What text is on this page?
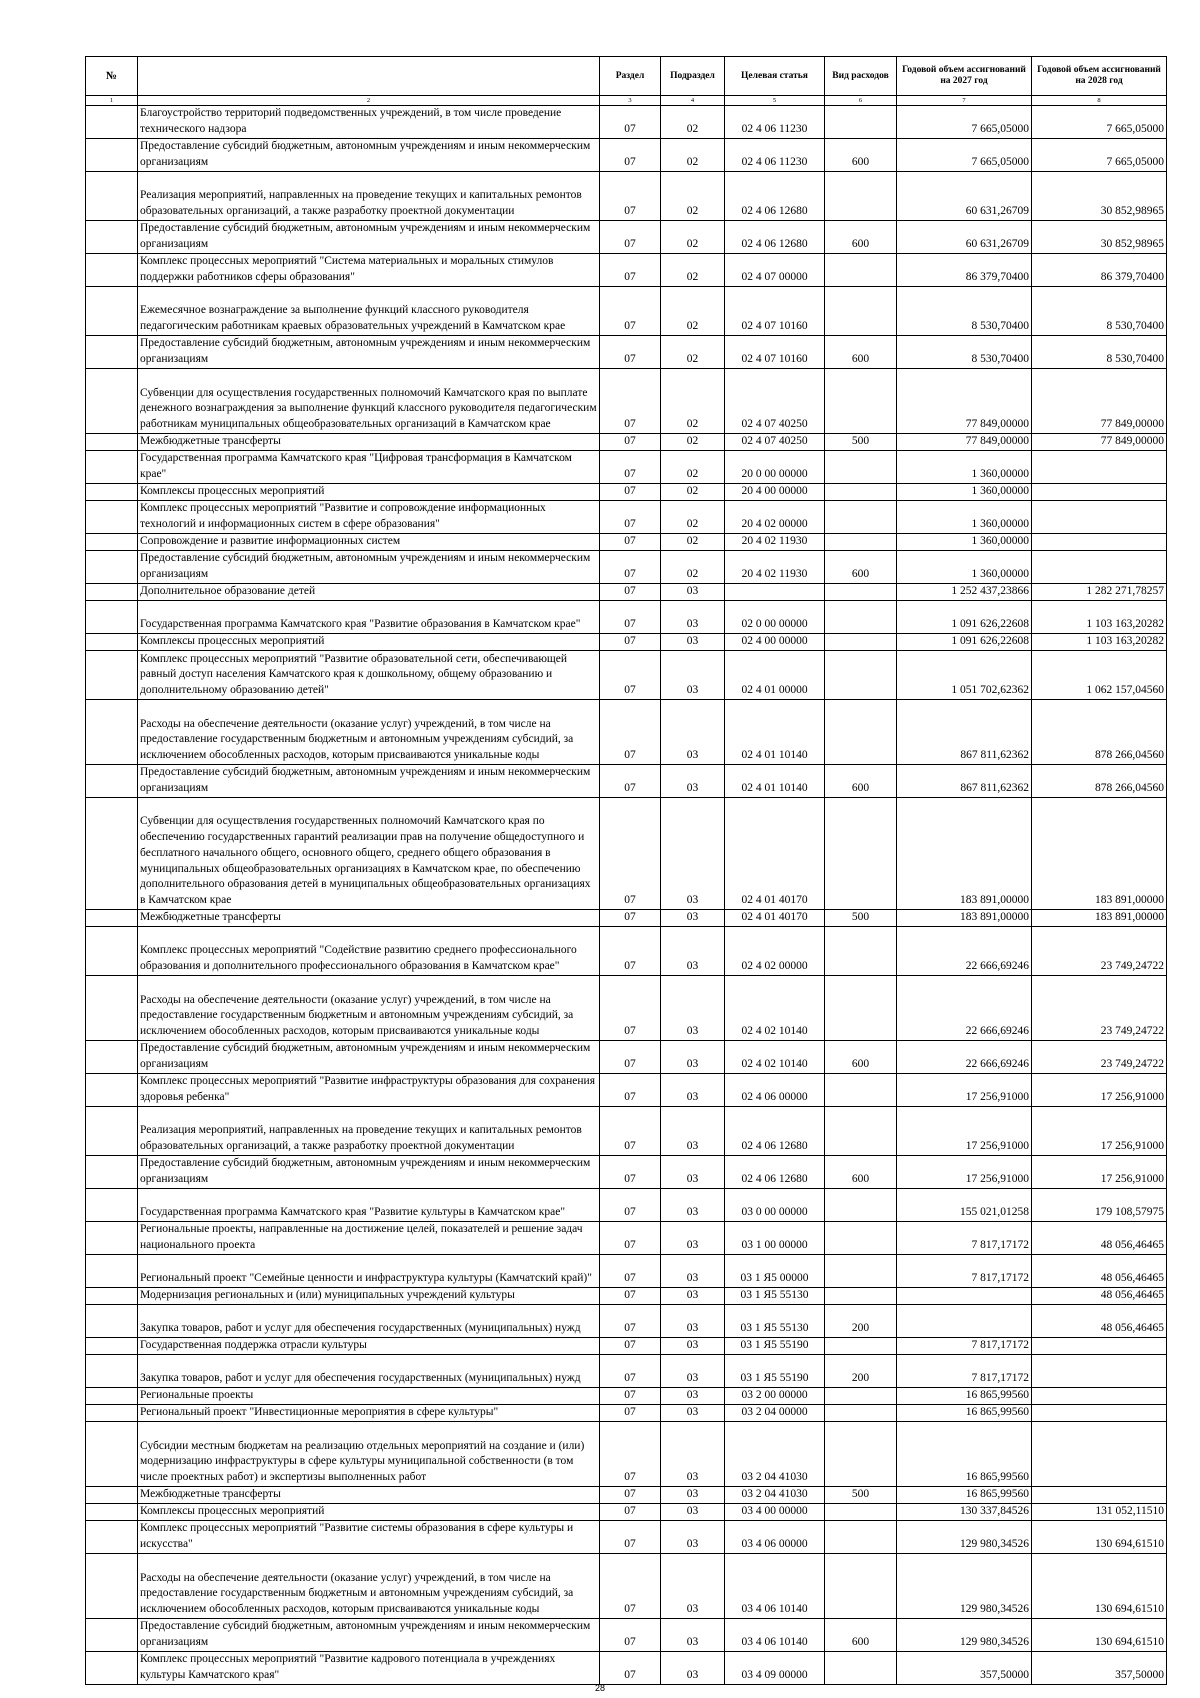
№		Раздел	Подраздел	Целевая статья	Вид расходов	Годовой объем ассигнований на 2027 год	Годовой объем ассигнований на 2028 год
1	2	3	4	5	6	7	8
	Благоустройство территорий подведомственных учреждений, в том числе проведение технического надзора	07	02	02 4 06 11230		7 665,05000	7 665,05000
	Предоставление субсидий бюджетным, автономным учреждениям и иным некоммерческим организациям	07	02	02 4 06 11230	600	7 665,05000	7 665,05000
	Реализация мероприятий, направленных на проведение текущих и капитальных ремонтов образовательных организаций, а также разработку проектной документации	07	02	02 4 06 12680		60 631,26709	30 852,98965
	Предоставление субсидий бюджетным, автономным учреждениям и иным некоммерческим организациям	07	02	02 4 06 12680	600	60 631,26709	30 852,98965
	Комплекс процессных мероприятий "Система материальных и моральных стимулов поддержки работников сферы образования"	07	02	02 4 07 00000		86 379,70400	86 379,70400
	Ежемесячное вознаграждение за выполнение функций классного руководителя педагогическим работникам краевых образовательных учреждений в Камчатском крае	07	02	02 4 07 10160		8 530,70400	8 530,70400
	Предоставление субсидий бюджетным, автономным учреждениям и иным некоммерческим организациям	07	02	02 4 07 10160	600	8 530,70400	8 530,70400
	Субвенции для осуществления государственных полномочий Камчатского края по выплате денежного вознаграждения за выполнение функций классного руководителя педагогическим работникам муниципальных общеобразовательных организаций в Камчатском крае	07	02	02 4 07 40250		77 849,00000	77 849,00000
	Межбюджетные трансферты	07	02	02 4 07 40250	500	77 849,00000	77 849,00000
	Государственная программа Камчатского края "Цифровая трансформация в Камчатском крае"	07	02	20 0 00 00000		1 360,00000	
	Комплексы процессных мероприятий	07	02	20 4 00 00000		1 360,00000	
	Комплекс процессных мероприятий "Развитие и сопровождение информационных технологий и информационных систем в сфере образования"	07	02	20 4 02 00000		1 360,00000	
	Сопровождение и развитие информационных систем	07	02	20 4 02 11930		1 360,00000	
	Предоставление субсидий бюджетным, автономным учреждениям и иным некоммерческим организациям	07	02	20 4 02 11930	600	1 360,00000	
	Дополнительное образование детей	07	03			1 252 437,23866	1 282 271,78257
	Государственная программа Камчатского края "Развитие образования в Камчатском крае"	07	03	02 0 00 00000		1 091 626,22608	1 103 163,20282
	Комплексы процессных мероприятий	07	03	02 4 00 00000		1 091 626,22608	1 103 163,20282
	Комплекс процессных мероприятий "Развитие образовательной сети, обеспечивающей равный доступ населения Камчатского края к дошкольному, общему образованию и дополнительному образованию детей"	07	03	02 4 01 00000		1 051 702,62362	1 062 157,04560
	Расходы на обеспечение деятельности (оказание услуг) учреждений, в том числе на предоставление государственным бюджетным и автономным учреждениям субсидий, за исключением обособленных расходов, которым присваиваются уникальные коды	07	03	02 4 01 10140		867 811,62362	878 266,04560
	Предоставление субсидий бюджетным, автономным учреждениям и иным некоммерческим организациям	07	03	02 4 01 10140	600	867 811,62362	878 266,04560
	Субвенции для осуществления государственных полномочий Камчатского края по обеспечению государственных гарантий реализации прав на получение общедоступного и бесплатного начального общего, основного общего, среднего общего образования в муниципальных общеобразовательных организациях в Камчатском крае, по обеспечению дополнительного образования детей в муниципальных общеобразовательных организациях в Камчатском крае	07	03	02 4 01 40170		183 891,00000	183 891,00000
	Межбюджетные трансферты	07	03	02 4 01 40170	500	183 891,00000	183 891,00000
	Комплекс процессных мероприятий "Содействие развитию среднего профессионального образования и дополнительного профессионального образования в Камчатском крае"	07	03	02 4 02 00000		22 666,69246	23 749,24722
	Расходы на обеспечение деятельности (оказание услуг) учреждений, в том числе на предоставление государственным бюджетным и автономным учреждениям субсидий, за исключением обособленных расходов, которым присваиваются уникальные коды	07	03	02 4 02 10140		22 666,69246	23 749,24722
	Предоставление субсидий бюджетным, автономным учреждениям и иным некоммерческим организациям	07	03	02 4 02 10140	600	22 666,69246	23 749,24722
	Комплекс процессных мероприятий "Развитие инфраструктуры образования для сохранения здоровья ребенка"	07	03	02 4 06 00000		17 256,91000	17 256,91000
	Реализация мероприятий, направленных на проведение текущих и капитальных ремонтов образовательных организаций, а также разработку проектной документации	07	03	02 4 06 12680		17 256,91000	17 256,91000
	Предоставление субсидий бюджетным, автономным учреждениям и иным некоммерческим организациям	07	03	02 4 06 12680	600	17 256,91000	17 256,91000
	Государственная программа Камчатского края "Развитие культуры в Камчатском крае"	07	03	03 0 00 00000		155 021,01258	179 108,57975
	Региональные проекты, направленные на достижение целей, показателей и решение задач национального проекта	07	03	03 1 00 00000		7 817,17172	48 056,46465
	Региональный проект "Семейные ценности и инфраструктура культуры (Камчатский край)"	07	03	03 1 Я5 00000		7 817,17172	48 056,46465
	Модернизация региональных и (или) муниципальных учреждений культуры	07	03	03 1 Я5 55130			48 056,46465
	Закупка товаров, работ и услуг для обеспечения государственных (муниципальных) нужд	07	03	03 1 Я5 55130	200		48 056,46465
	Государственная поддержка отрасли культуры	07	03	03 1 Я5 55190		7 817,17172	
	Закупка товаров, работ и услуг для обеспечения государственных (муниципальных) нужд	07	03	03 1 Я5 55190	200	7 817,17172	
	Региональные проекты	07	03	03 2 00 00000		16 865,99560	
	Региональный проект "Инвестиционные мероприятия в сфере культуры"	07	03	03 2 04 00000		16 865,99560	
	Субсидии местным бюджетам на реализацию отдельных мероприятий на создание и (или) модернизацию инфраструктуры в сфере культуры муниципальной собственности (в том числе проектных работ) и экспертизы выполненных работ	07	03	03 2 04 41030		16 865,99560	
	Межбюджетные трансферты	07	03	03 2 04 41030	500	16 865,99560	
	Комплексы процессных мероприятий	07	03	03 4 00 00000		130 337,84526	131 052,11510
	Комплекс процессных мероприятий "Развитие системы образования в сфере культуры и искусства"	07	03	03 4 06 00000		129 980,34526	130 694,61510
	Расходы на обеспечение деятельности (оказание услуг) учреждений, в том числе на предоставление государственным бюджетным и автономным учреждениям субсидий, за исключением обособленных расходов, которым присваиваются уникальные коды	07	03	03 4 06 10140		129 980,34526	130 694,61510
	Предоставление субсидий бюджетным, автономным учреждениям и иным некоммерческим организациям	07	03	03 4 06 10140	600	129 980,34526	130 694,61510
	Комплекс процессных мероприятий "Развитие кадрового потенциала в учреждениях культуры Камчатского края"	07	03	03 4 09 00000		357,50000	357,50000
28
